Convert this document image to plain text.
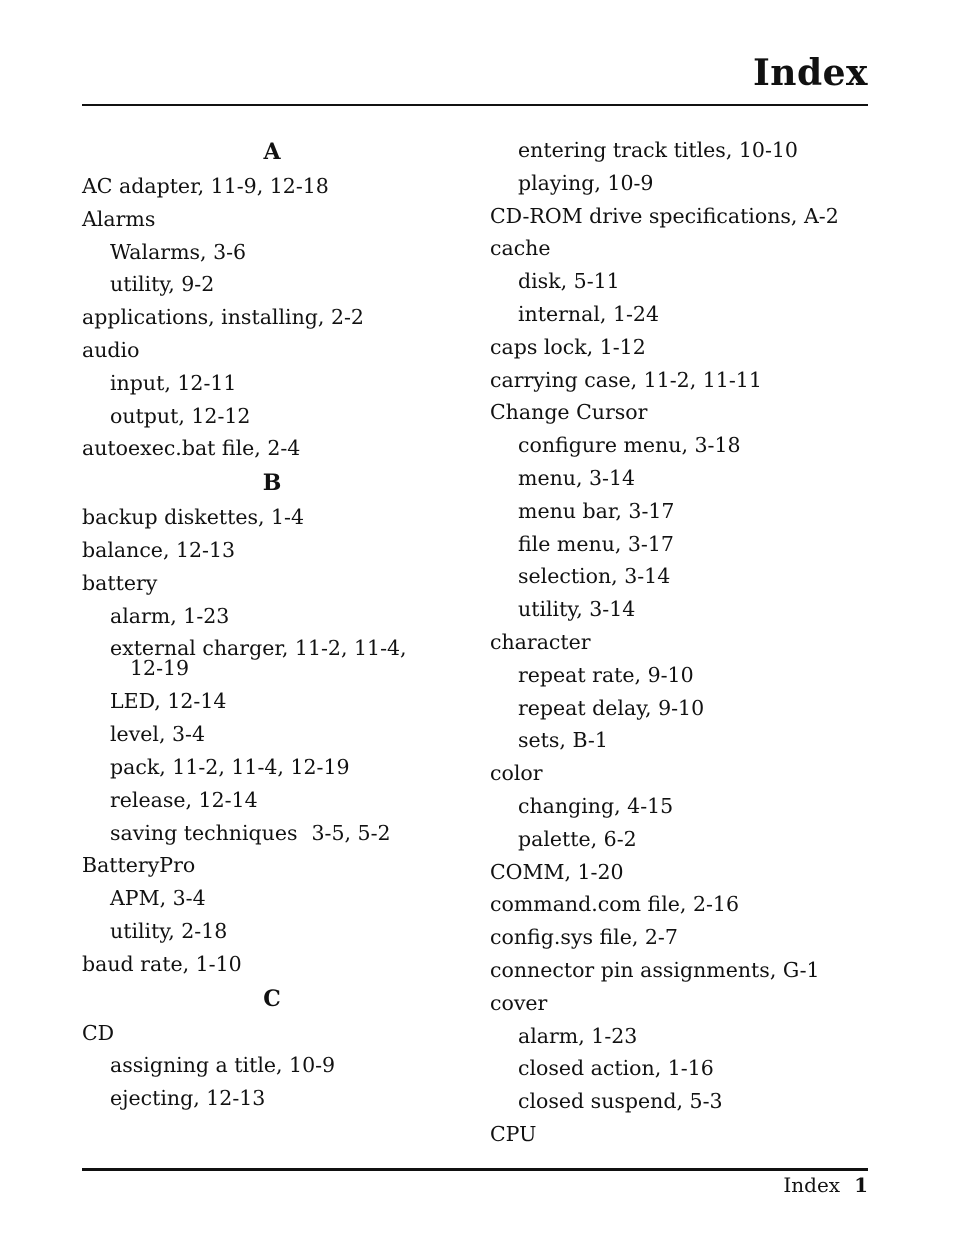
Index
A
AC adapter, 11-9, 12-18
Alarms
Walarms, 3-6
utility, 9-2
applications, installing, 2-2
audio
input, 12-11
output, 12-12
autoexec.bat file, 2-4
B
backup diskettes, 1-4
balance, 12-13
battery
alarm, 1-23
external charger, 11-2, 11-4,
12-19
LED, 12-14
level, 3-4
pack, 11-2, 11-4, 12-19
release, 12-14
saving techniques 3-5, 5-2
BatteryPro
APM, 3-4
utility, 2-18
baud rate, 1-10
C
CD
assigning a title, 10-9
ejecting, 12-13
entering track titles, 10-10
playing, 10-9
CD-ROM drive specifications, A-2
cache
disk, 5-11
internal, 1-24
caps lock, 1-12
carrying case, 11-2, 11-11
Change Cursor
configure menu, 3-18
menu, 3-14
menu bar, 3-17
file menu, 3-17
selection, 3-14
utility, 3-14
character
repeat rate, 9-10
repeat delay, 9-10
sets, B-1
color
changing, 4-15
palette, 6-2
COMM, 1-20
command.com file, 2-16
config.sys file, 2-7
connector pin assignments, G-1
cover
alarm, 1-23
closed action, 1-16
closed suspend, 5-3
CPU
Index 1
